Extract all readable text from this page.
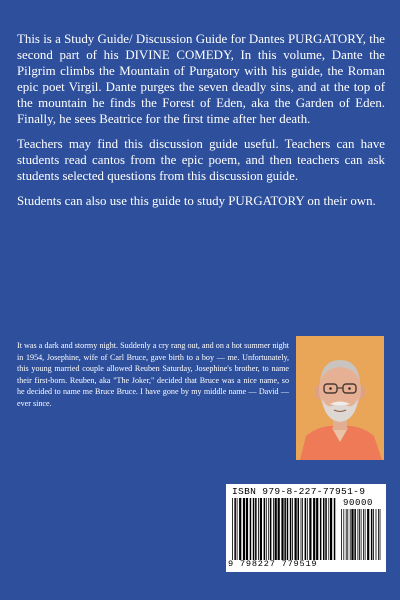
This is a Study Guide/ Discussion Guide for Dantes PURGATORY, the second part of his DIVINE COMEDY, In this volume, Dante the Pilgrim climbs the Mountain of Purgatory with his guide, the Roman epic poet Virgil. Dante purges the seven deadly sins, and at the top of the mountain he finds the Forest of Eden, aka the Garden of Eden. Finally, he sees Beatrice for the first time after her death.

Teachers may find this discussion guide useful. Teachers can have students read cantos from the epic poem, and then teachers can ask students selected questions from this discussion guide.

Students can also use this guide to study PURGATORY on their own.

It was a dark and stormy night. Suddenly a cry rang out, and on a hot summer night in 1954, Josephine, wife of Carl Bruce, gave birth to a boy — me. Unfortunately, this young married couple allowed Reuben Saturday, Josephine's brother, to name their first-born. Reuben, aka "The Joker," decided that Bruce was a nice name, so he decided to name me Bruce Bruce. I have gone by my middle name — David — ever since.

ISBN 979-8-227-77951-9
90000
9 798227 779519
